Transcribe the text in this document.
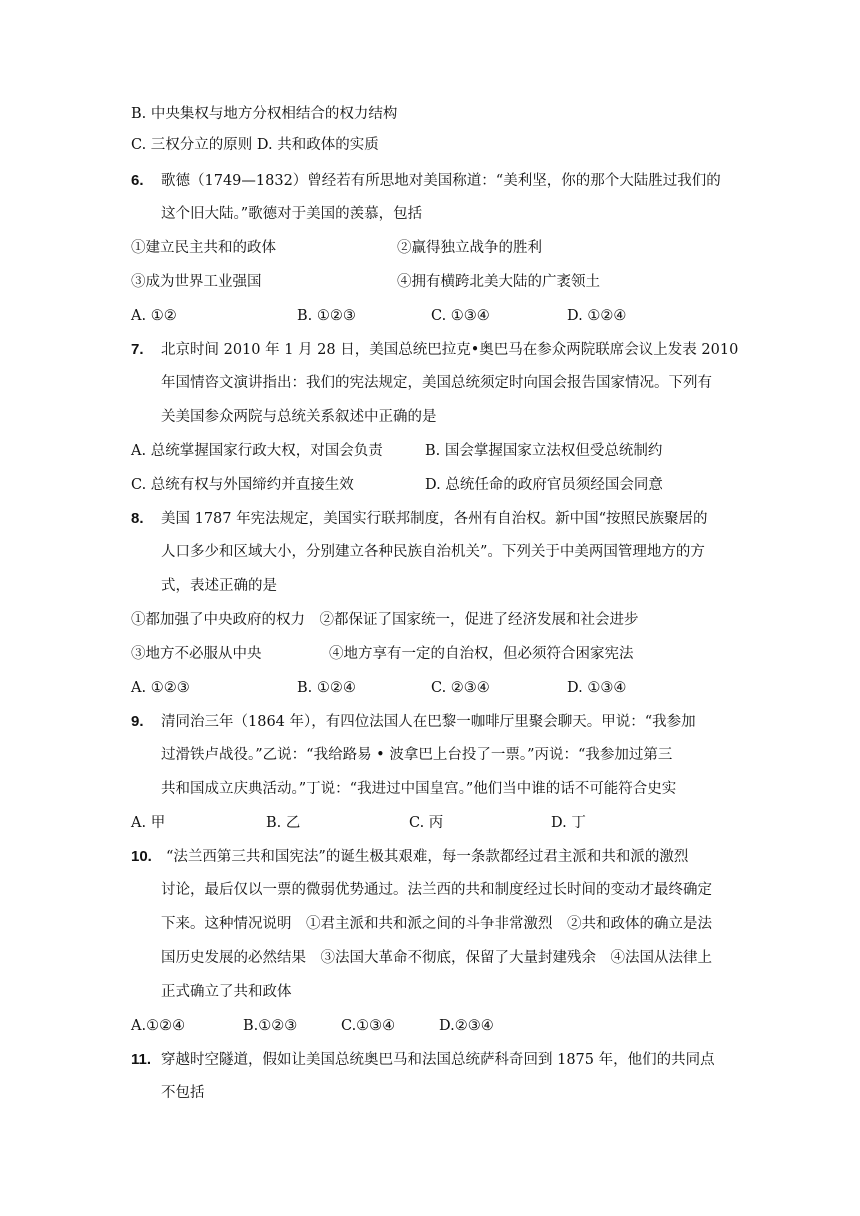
B. 中央集权与地方分权相结合的权力结构
C. 三权分立的原则 D. 共和政体的实质
6. 歌德（1749—1832）曾经若有所思地对美国称道：“美利坚，你的那个大陆胜过我们的
这个旧大陆。”歌德对于美国的羡慕，包括
①建立民主共和的政体	②赢得独立战争的胜利
③成为世界工业强国	④拥有横跨北美大陆的广袤领土
A. ①②	B. ①②③	C. ①③④	D. ①②④
7. 北京时间 2010 年 1 月 28 日，美国总统巴拉克•奥巴马在参众两院联席会议上发表 2010
年国情咨文演讲指出：我们的宪法规定，美国总统须定时向国会报告国家情况。下列有
关美国参众两院与总统关系叙述中正确的是
A. 总统掌握国家行政大权，对国会负责	B. 国会掌握国家立法权但受总统制约
C. 总统有权与外国缔约并直接生效	D. 总统任命的政府官员须经国会同意
8. 美国 1787 年宪法规定，美国实行联邦制度，各州有自治权。新中国“按照民族聚居的
人口多少和区域大小，分别建立各种民族自治机关”。下列关于中美两国管理地方的方
式，表述正确的是
①都加强了中央政府的权力　②都保证了国家统一，促进了经济发展和社会进步
③地方不必服从中央	④地方享有一定的自治权，但必须符合困家宪法
A. ①②③	B. ①②④	C. ②③④	D. ①③④
9. 清同治三年（1864 年），有四位法国人在巴黎一咖啡厅里聚会聊天。甲说：“我参加
过滑铁卢战役。”乙说：“我给路易 • 波拿巴上台投了一票。”丙说：“我参加过第三
共和国成立庆典活动。”丁说：“我进过中国皇宫。”他们当中谁的话不可能符合史实
A. 甲	B. 乙	C. 丙	D. 丁
10. “法兰西第三共和国宪法”的诞生极其艰难，每一条款都经过君主派和共和派的激烈
讨论，最后仅以一票的微弱优势通过。法兰西的共和制度经过长时间的变动才最终确定
下来。这种情况说明　①君主派和共和派之间的斗争非常激烈　②共和政体的确立是法
国历史发展的必然结果　③法国大革命不彻底，保留了大量封建残余　④法国从法律上
正式确立了共和政体
A.①②④	B.①②③	C.①③④	D.②③④
11. 穿越时空隧道，假如让美国总统奥巴马和法国总统萨科奇回到 1875 年，他们的共同点
不包括
